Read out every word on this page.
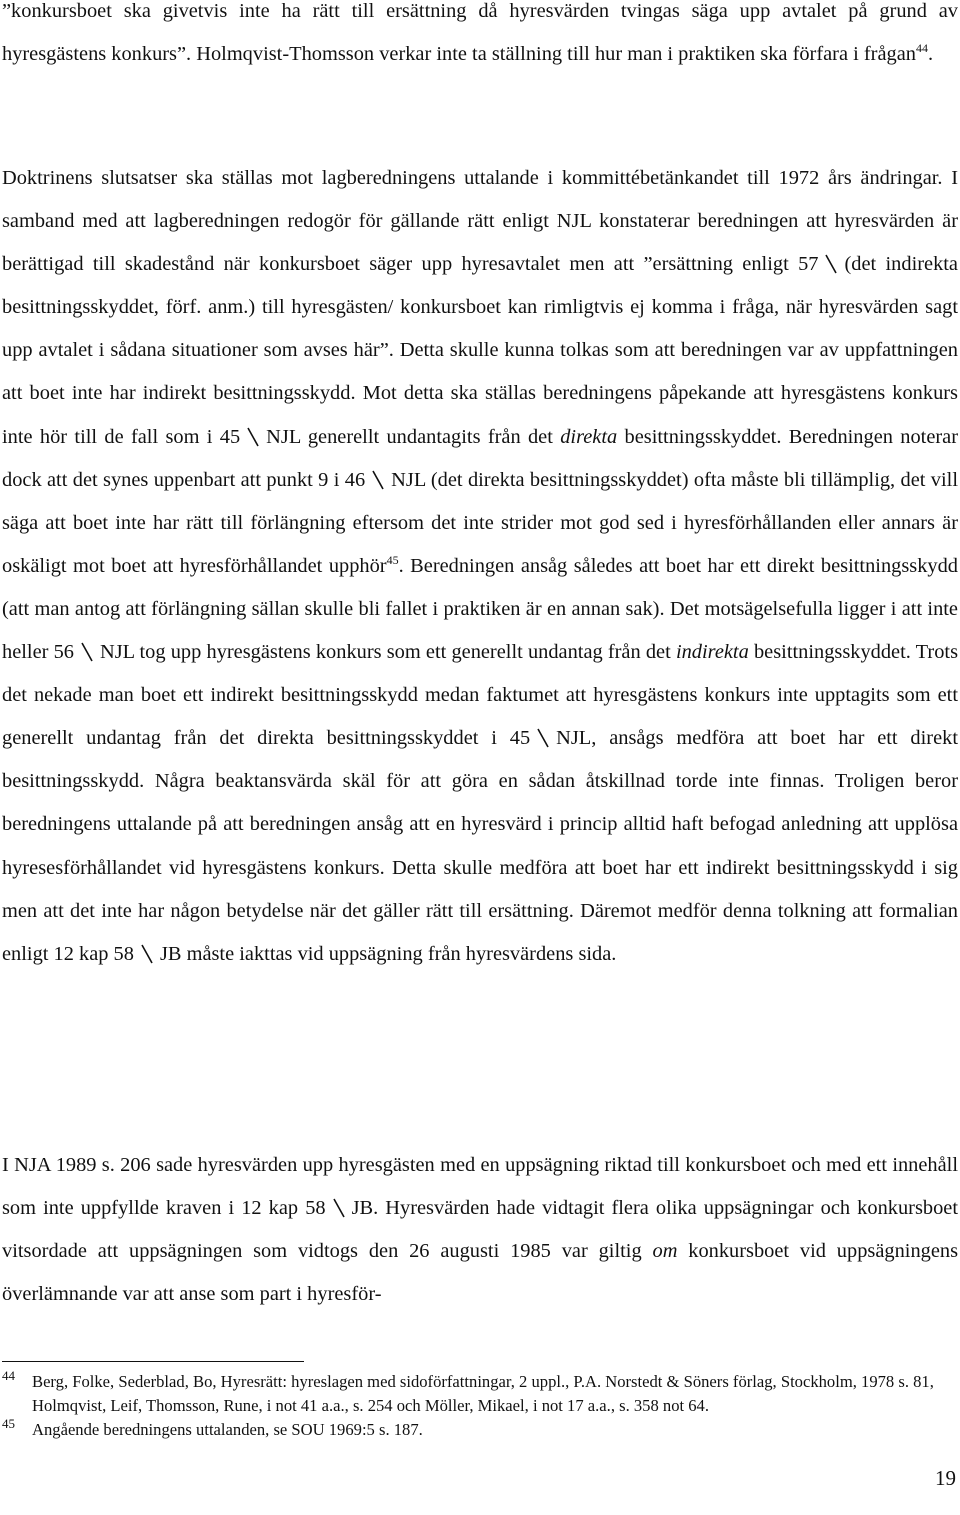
”konkursboet ska givetvis inte ha rätt till ersättning då hyresvärden tvingas säga upp avtalet på grund av hyresgästens konkurs”. Holmqvist-Thomsson verkar inte ta ställning till hur man i praktiken ska förfara i frågan$^{44}$.

Doktrinens slutsatser ska ställas mot lagberedningens uttalande i kommittébetänkandet till 1972 års ändringar. I samband med att lagberedningen redogör för gällande rätt enligt NJL konstaterar beredningen att hyresvärden är berättigad till skadestånd när konkursboet säger upp hyresavtalet men att ”ersättning enligt 57 (det indirekta besittningsskyddet, förf. anm.) till hyresgästen/ konkursboet kan rimligtvis ej komma i fråga, när hyresvärden sagt upp avtalet i sådana situationer som avses här”. Detta skulle kunna tolkas som att beredningen var av uppfattningen att boet inte har indirekt besittningsskydd. Mot detta ska ställas beredningens påpekande att hyresgästens konkurs inte hör till de fall som i 45 NJL generellt undantagits från det direkta besittningsskyddet. Beredningen noterar dock att det synes uppenbart att punkt 9 i 46 NJL (det direkta besittningsskyddet) ofta måste bli tillämplig, det vill säga att boet inte har rätt till förlängning eftersom det inte strider mot god sed i hyresförhållanden eller annars är oskäligt mot boet att hyresförhållandet upphör$^{45}$. Beredningen ansåg således att boet har ett direkt besittningsskydd (att man antog att förlängning sällan skulle bli fallet i praktiken är en annan sak). Det motsägelsefulla ligger i att inte heller 56 NJL tog upp hyresgästens konkurs som ett generellt undantag från det indirekta besittningsskyddet. Trots det nekade man boet ett indirekt besittningsskydd medan faktumet att hyresgästens konkurs inte upptagits som ett generellt undantag från det direkta besittningsskyddet i 45 NJL, ansågs medföra att boet har ett direkt besittningsskydd. Några beaktansvärda skäl för att göra en sådan åtskillnad torde inte finnas. Troligen beror beredningens uttalande på att beredningen ansåg att en hyresvärd i princip alltid haft befogad anledning att upplösa hyresesförhållandet vid hyresgästens konkurs. Detta skulle medföra att boet har ett indirekt besittningsskydd i sig men att det inte har någon betydelse när det gäller rätt till ersättning. Däremot medför denna tolkning att formalian enligt 12 kap 58 JB måste iakttas vid uppsägning från hyresvärdens sida.

I NJA 1989 s. 206 sade hyresvärden upp hyresgästen med en uppsägning riktad till konkursboet och med ett innehåll som inte uppfyllde kraven i 12 kap 58 JB. Hyresvärden hade vidtagit flera olika uppsägningar och konkursboet vitsordade att uppsägningen som vidtogs den 26 augusti 1985 var giltig om konkursboet vid uppsägningens överlämnande var att anse som part i hyresför-

44 Berg, Folke, Sederblad, Bo, Hyresrätt: hyreslagen med sidoförfattningar, 2 uppl., P.A. Norstedt & Söners förlag, Stockholm, 1978 s. 81, Holmqvist, Leif, Thomsson, Rune, i not 41 a.a., s. 254 och Möller, Mikael, i not 17 a.a., s. 358 not 64.

45 Angående beredningens uttalanden, se SOU 1969:5 s. 187.

19
